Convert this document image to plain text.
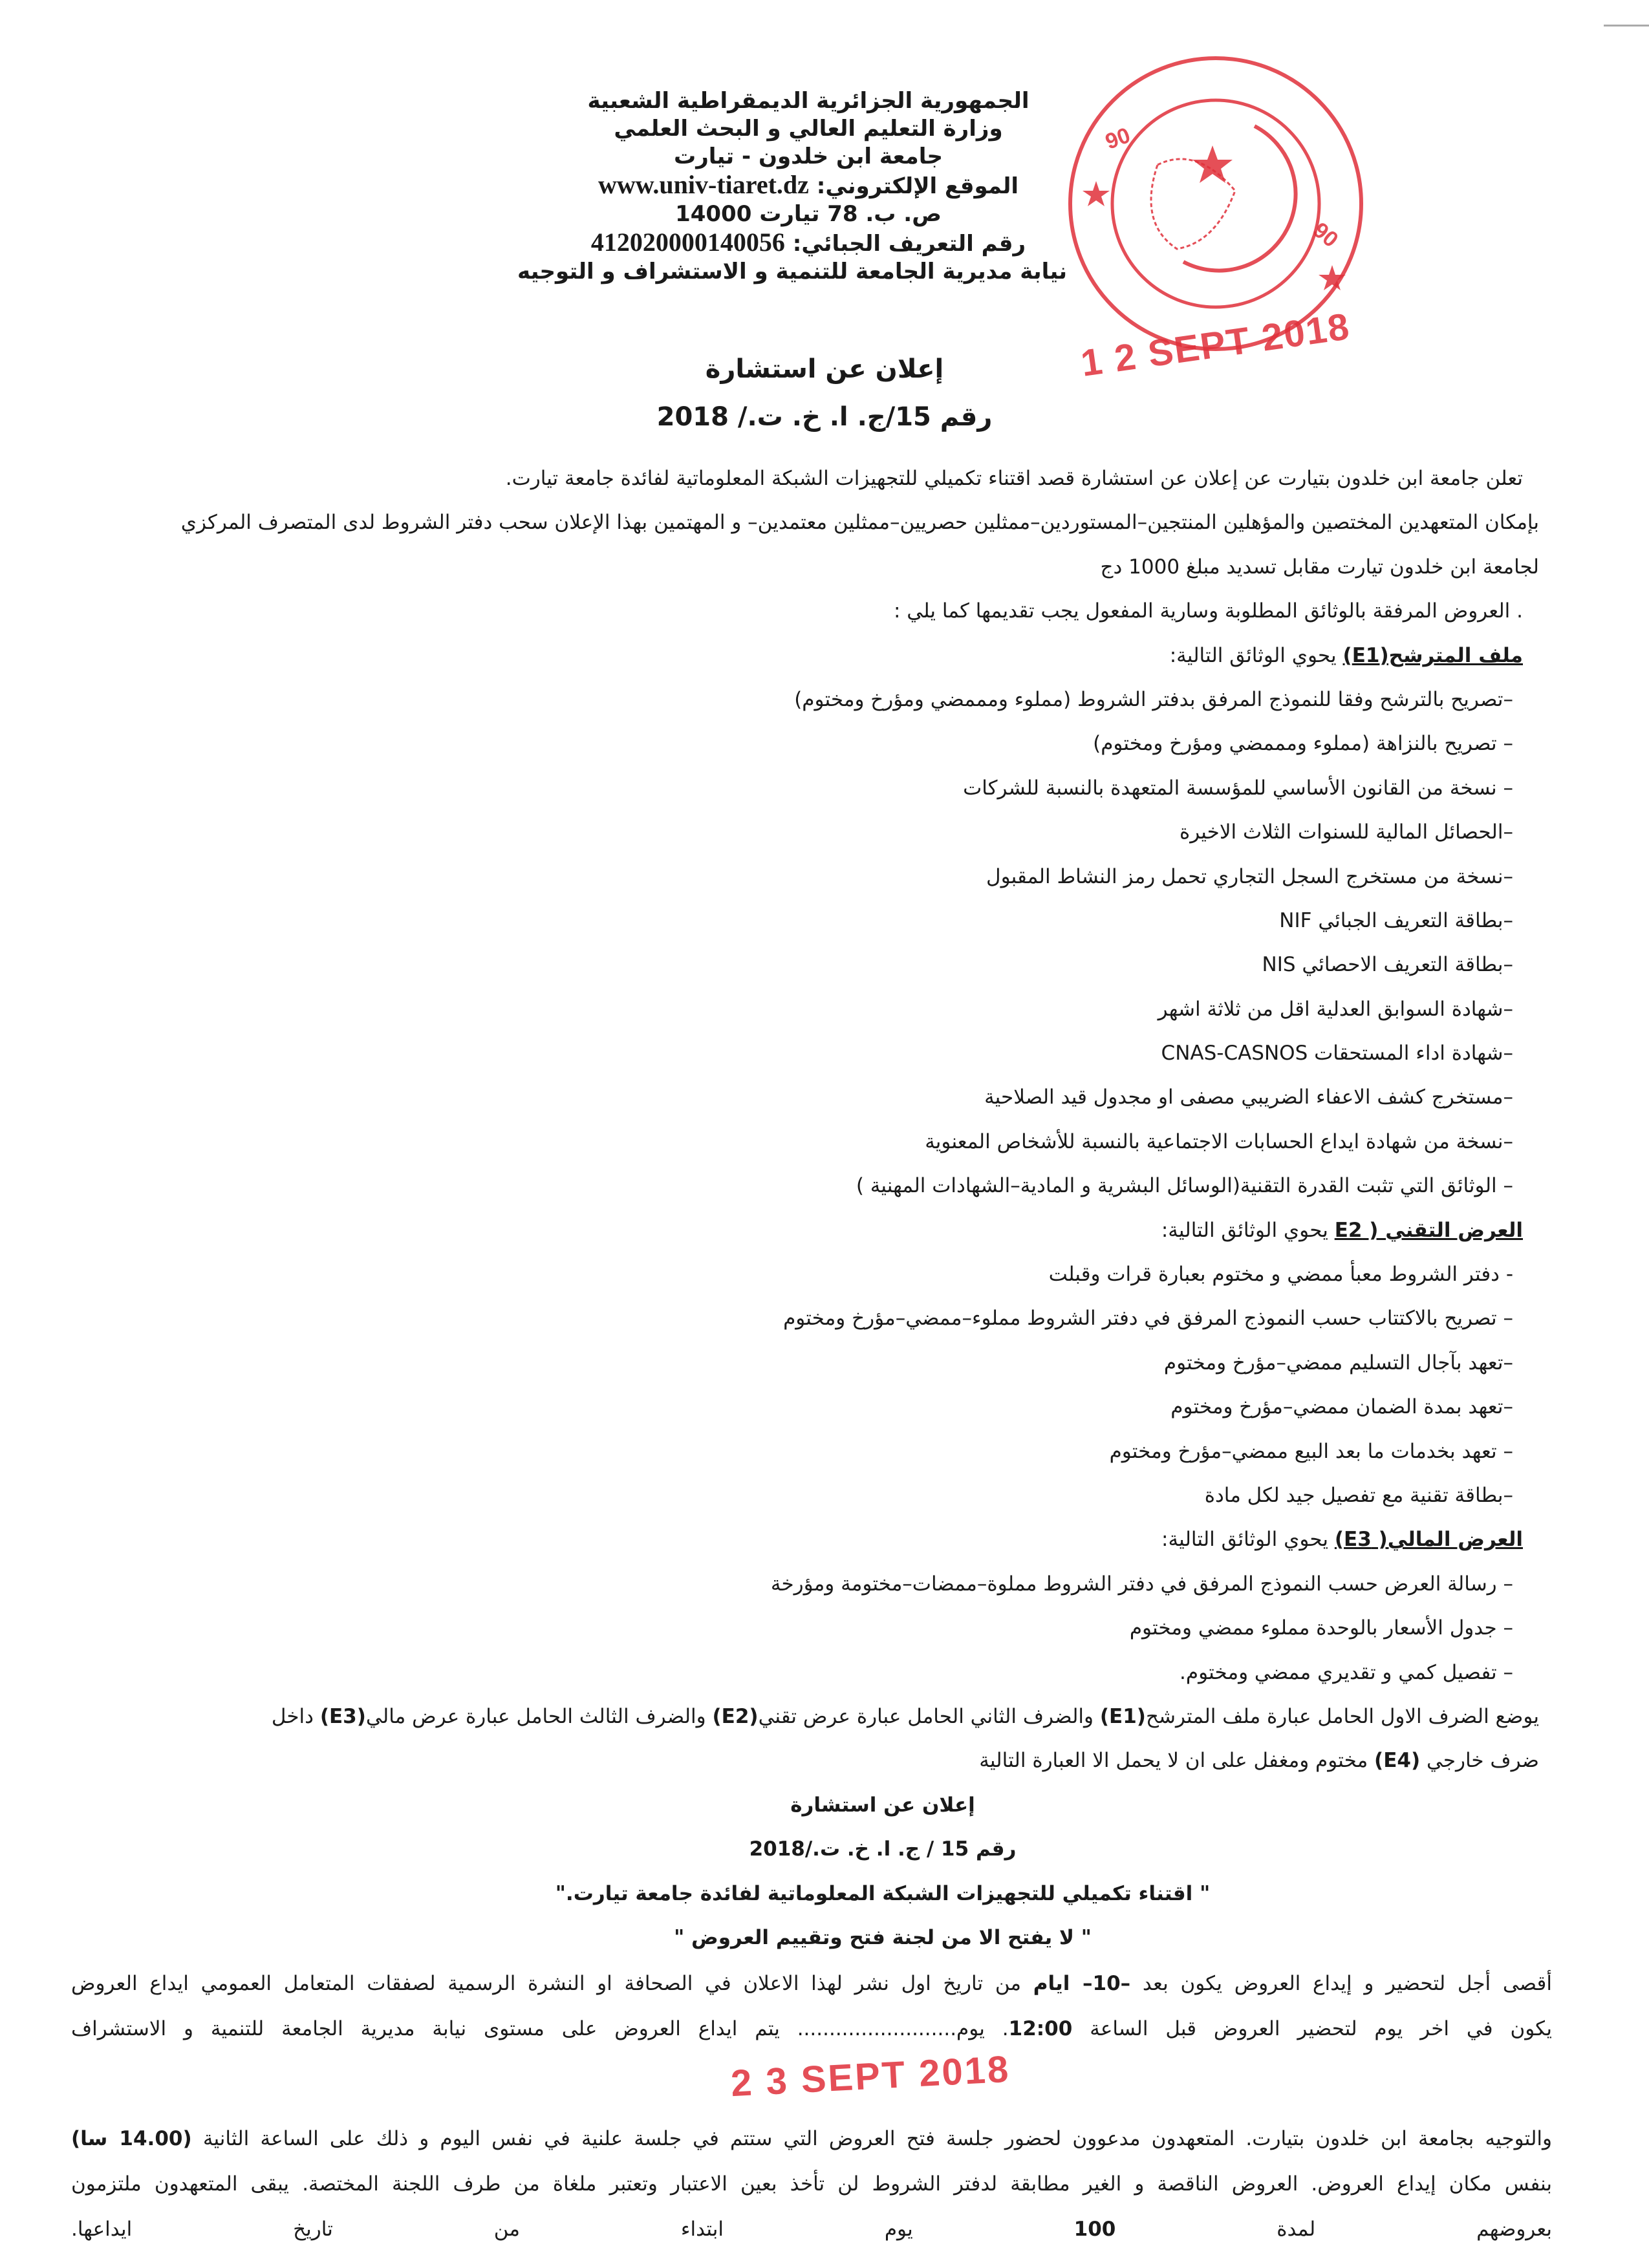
الجمهورية الجزائرية الديمقراطية الشعبية
وزارة التعليم العالي و البحث العلمي
جامعة ابن خلدون - تيارت
الموقع الإلكتروني: www.univ-tiaret.dz
ص. ب. 78 تيارت 14000
رقم التعريف الجبائي: 412020000140056
نيابة مديرية الجامعة للتنمية و الاستشراف و التوجيه
90
90
1 2 SEPT 2018
إعلان عن استشارة
رقم 15/ج. ا. خ. ت./ 2018
تعلن جامعة ابن خلدون بتيارت عن إعلان عن استشارة قصد اقتناء تكميلي للتجهيزات الشبكة المعلوماتية لفائدة جامعة تيارت.
بإمكان المتعهدين المختصين والمؤهلين المنتجين–المستوردين–ممثلين حصريين–ممثلين معتمدين– و المهتمين بهذا الإعلان سحب دفتر الشروط لدى المتصرف المركزي
لجامعة ابن خلدون تيارت مقابل تسديد مبلغ 1000 دج
. العروض المرفقة بالوثائق المطلوبة وسارية المفعول يجب تقديمها كما يلي :
ملف المترشح(E1) يحوي الوثائق التالية:
–تصريح بالترشح وفقا للنموذج المرفق بدفتر الشروط (مملوء ومممضي ومؤرخ ومختوم)
– تصريح بالنزاهة (مملوء ومممضي ومؤرخ ومختوم)
– نسخة من القانون الأساسي للمؤسسة المتعهدة بالنسبة للشركات
–الحصائل المالية للسنوات الثلاث الاخيرة
–نسخة من مستخرج السجل التجاري تحمل رمز النشاط المقبول
–بطاقة التعريف الجبائي NIF
–بطاقة التعريف الاحصائي NIS
–شهادة السوابق العدلية اقل من ثلاثة اشهر
–شهادة اداء المستحقات CNAS-CASNOS
–مستخرج كشف الاعفاء الضريبي مصفى او مجدول قيد الصلاحية
–نسخة من شهادة ايداع الحسابات الاجتماعية بالنسبة للأشخاص المعنوية
– الوثائق التي تثبت القدرة التقنية(الوسائل البشرية و المادية–الشهادات المهنية )
العرض التقني ( E2 يحوي الوثائق التالية:
- دفتر الشروط معبأ ممضي و مختوم بعبارة قرات وقبلت
– تصريح بالاكتتاب حسب النموذج المرفق في دفتر الشروط مملوء–ممضي–مؤرخ ومختوم
–تعهد بآجال التسليم ممضي–مؤرخ ومختوم
–تعهد بمدة الضمان ممضي–مؤرخ ومختوم
– تعهد بخدمات ما بعد البيع ممضي–مؤرخ ومختوم
–بطاقة تقنية مع تفصيل جيد لكل مادة
العرض المالي( E3) يحوي الوثائق التالية:
– رسالة العرض حسب النموذج المرفق في دفتر الشروط مملوة–ممضات–مختومة ومؤرخة
– جدول الأسعار بالوحدة مملوء ممضي ومختوم
– تفصيل كمي و تقديري ممضي ومختوم.
يوضع الضرف الاول الحامل عبارة ملف المترشح(E1) والضرف الثاني الحامل عبارة عرض تقني(E2) والضرف الثالث الحامل عبارة عرض مالي(E3) داخل
ضرف خارجي (E4) مختوم ومغفل على ان لا يحمل الا العبارة التالية
إعلان عن استشارة
رقم 15 / ج. ا. خ. ت./2018
" اقتناء تكميلي للتجهيزات الشبكة المعلوماتية لفائدة جامعة تيارت."
" لا يفتح الا من لجنة فتح وتقييم العروض "
أقصى أجل لتحضير و إيداع العروض يكون بعد –10– ايام من تاريخ اول نشر لهذا الاعلان في الصحافة او النشرة الرسمية لصفقات المتعامل العمومي ايداع العروض
يكون في اخر يوم لتحضير العروض قبل الساعة 12:00. يوم......................... يتم ايداع العروض على مستوى نيابة مديرية الجامعة للتنمية و الاستشراف
والتوجيه بجامعة ابن خلدون بتيارت. المتعهدون مدعوون لحضور جلسة فتح العروض التي ستتم في جلسة علنية في نفس اليوم و ذلك على الساعة الثانية (14.00 سا)
بنفس مكان إيداع العروض. العروض الناقصة و الغير مطابقة لدفتر الشروط لن تأخذ بعين الاعتبار وتعتبر ملغاة من طرف اللجنة المختصة. يبقى المتعهدون ملتزمون
بعروضهم لمدة 100 يوم ابتداء من تاريخ ايداعها.
2 3 SEPT 2018
